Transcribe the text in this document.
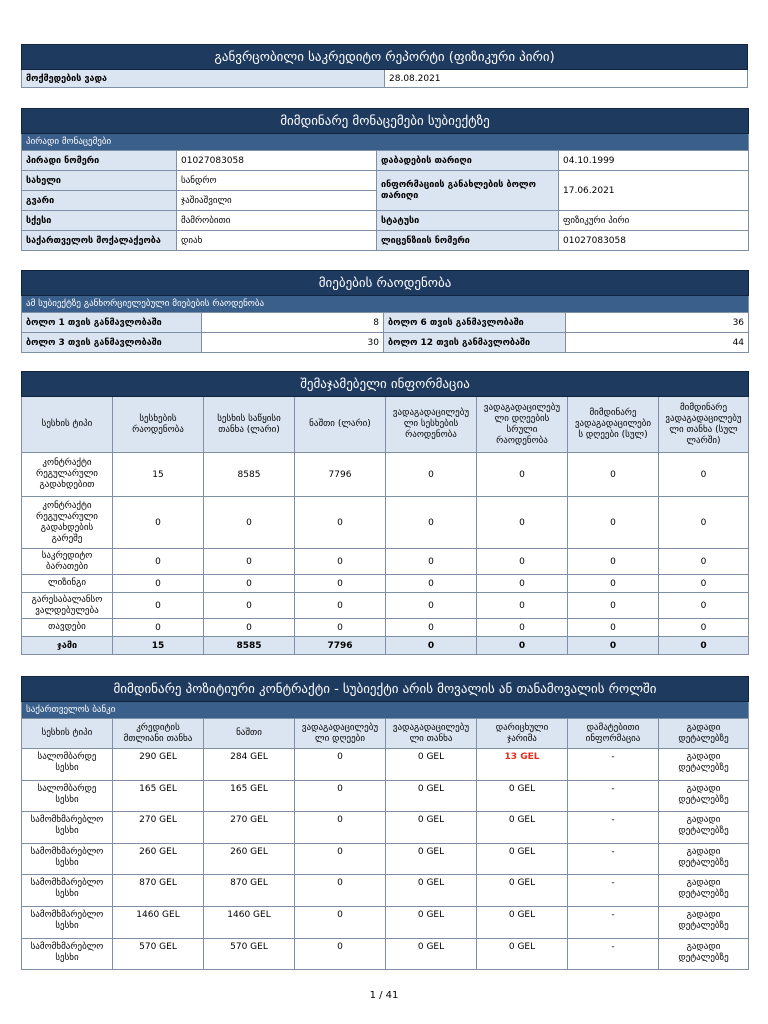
განვრცობილი საკრედიტო რეპორტი (ფიზიკური პირი)
მოქმედების ვადა	28.08.2021
მიმდინარე მონაცემები სუბიექტზე			
პირადი მონაცემები			
პირადი ნომერი	01027083058	დაბადების თარიღი	04.10.1999
სახელი	სანდრო	ინფორმაციის განახლების ბოლო თარიღი	17.06.2021
გვარი	ჯაშიაშვილი		
სქესი	მამრობითი	სტატუსი	ფიზიკური პირი
საქართველოს მოქალაქეობა	დიახ	ლიცენზიის ნომერი	01027083058
მიებების რაოდენობა			
ამ სუბიექტზე განხორციელებული მიებების რაოდენობა			
ბოლო 1 თვის განმავლობაში	8	ბოლო 6 თვის განმავლობაში	36
ბოლო 3 თვის განმავლობაში	30	ბოლო 12 თვის განმავლობაში	44
შემაჯამებელი ინფორმაცია							
სესხის ტიპი	სესხების რაოდენობა	სესხის საწყისი თანხა (ლარი)	ნაშთი (ლარი)	ვადაგადაცილებუ ლი სესხების რაოდენობა	ვადაგადაცილებუ ლი დღეების სრული რაოდენობა	მიმდინარე ვადაგადაცილები ს დღეები (სულ)	მიმდინარე ვადაგადაცილებუ ლი თანხა (სულ ლარში)
კონტრაქტი რეგულარული გადახდებით	15	8585	7796	0	0	0	0
კონტრაქტი რეგულარული გადახდების გარეშე	0	0	0	0	0	0	0
საკრედიტო ბარათები	0	0	0	0	0	0	0
ლიზინგი	0	0	0	0	0	0	0
გარესაბალანსო ვალდებულება	0	0	0	0	0	0	0
თავდები	0	0	0	0	0	0	0
ჯამი	15	8585	7796	0	0	0	0
მიმდინარე პოზიტიური კონტრაქტი - სუბიექტი არის მოვალის ან თანამოვალის როლში							
საქართველოს ბანკი							
სესხის ტიპი	კრედიტის მთლიანი თანხა	ნაშთი	ვადაგადაცილებუ ლი დღეები	ვადაგადაცილებუ ლი თანხა	დარიცხული ჯარიმა	დამატებითი ინფორმაცია	გადადი დეტალებზე
სალომბარდე სესხი	290 GEL	284 GEL	0	0 GEL	13 GEL	-	გადადი დეტალებზე
სალომბარდე სესხი	165 GEL	165 GEL	0	0 GEL	0 GEL	-	გადადი დეტალებზე
სამომხმარებლო სესხი	270 GEL	270 GEL	0	0 GEL	0 GEL	-	გადადი დეტალებზე
სამომხმარებლო სესხი	260 GEL	260 GEL	0	0 GEL	0 GEL	-	გადადი დეტალებზე
სამომხმარებლო სესხი	870 GEL	870 GEL	0	0 GEL	0 GEL	-	გადადი დეტალებზე
სამომხმარებლო სესხი	1460 GEL	1460 GEL	0	0 GEL	0 GEL	-	გადადი დეტალებზე
სამომხმარებლო სესხი	570 GEL	570 GEL	0	0 GEL	0 GEL	-	გადადი დეტალებზე
1 / 41
